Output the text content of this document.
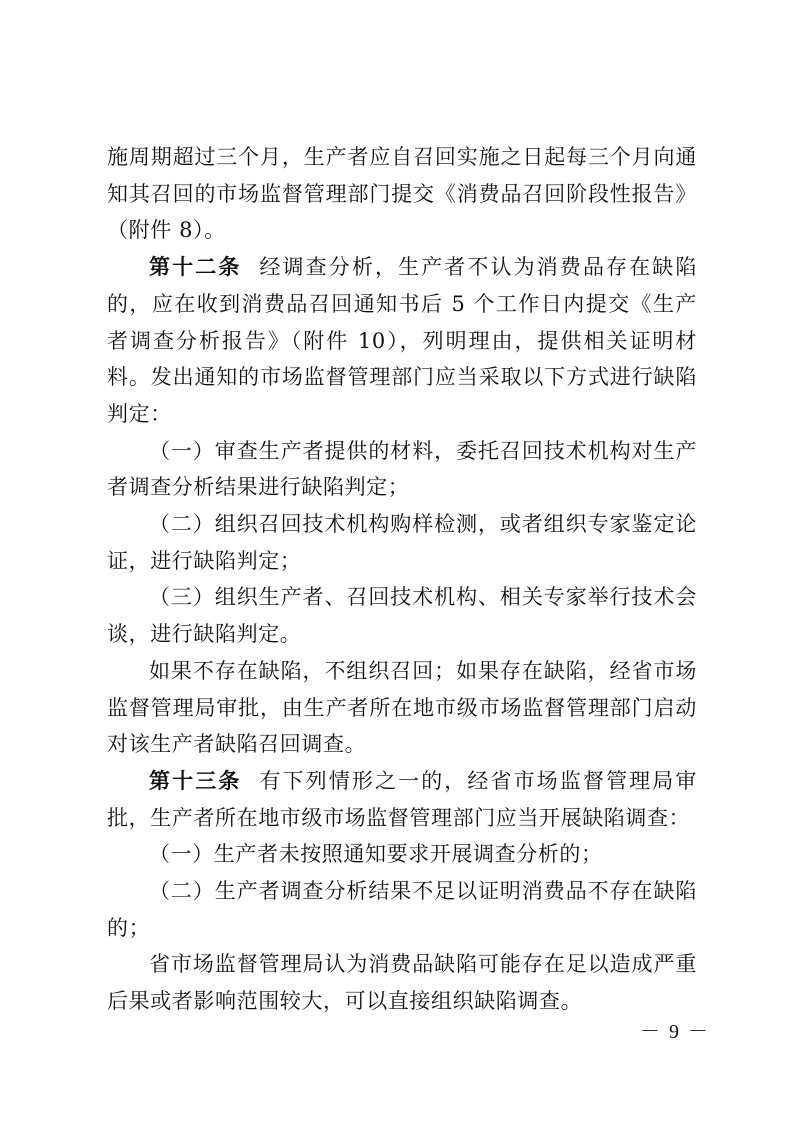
施周期超过三个月，生产者应自召回实施之日起每三个月向通知其召回的市场监督管理部门提交《消费品召回阶段性报告》（附件 8）。

第十二条 经调查分析，生产者不认为消费品存在缺陷的，应在收到消费品召回通知书后 5 个工作日内提交《生产者调查分析报告》（附件 10），列明理由，提供相关证明材料。发出通知的市场监督管理部门应当采取以下方式进行缺陷判定：

（一）审查生产者提供的材料，委托召回技术机构对生产者调查分析结果进行缺陷判定；

（二）组织召回技术机构购样检测，或者组织专家鉴定论证，进行缺陷判定；

（三）组织生产者、召回技术机构、相关专家举行技术会谈，进行缺陷判定。

如果不存在缺陷，不组织召回；如果存在缺陷，经省市场监督管理局审批，由生产者所在地市级市场监督管理部门启动对该生产者缺陷召回调查。

第十三条 有下列情形之一的，经省市场监督管理局审批，生产者所在地市级市场监督管理部门应当开展缺陷调查：

（一）生产者未按照通知要求开展调查分析的；

（二）生产者调查分析结果不足以证明消费品不存在缺陷的；

省市场监督管理局认为消费品缺陷可能存在足以造成严重后果或者影响范围较大，可以直接组织缺陷调查。

－ 9 －
